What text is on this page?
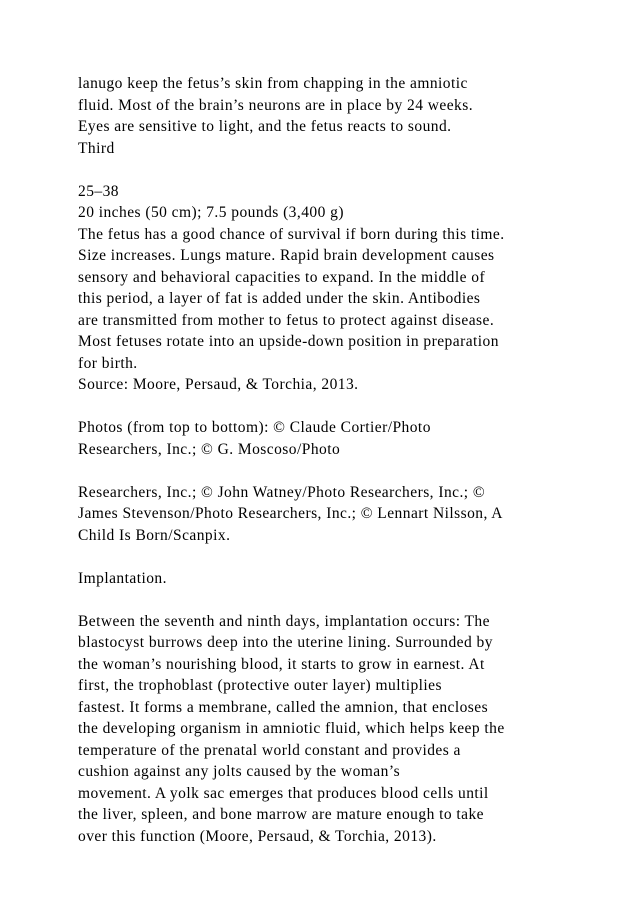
lanugo keep the fetus’s skin from chapping in the amniotic
fluid. Most of the brain’s neurons are in place by 24 weeks.
Eyes are sensitive to light, and the fetus reacts to sound.
Third
25–38
20 inches (50 cm); 7.5 pounds (3,400 g)
The fetus has a good chance of survival if born during this time.
Size increases. Lungs mature. Rapid brain development causes
sensory and behavioral capacities to expand. In the middle of
this period, a layer of fat is added under the skin. Antibodies
are transmitted from mother to fetus to protect against disease.
Most fetuses rotate into an upside-down position in preparation
for birth.
Source: Moore, Persaud, & Torchia, 2013.
Photos (from top to bottom): © Claude Cortier/Photo
Researchers, Inc.; © G. Moscoso/Photo
Researchers, Inc.; © John Watney/Photo Researchers, Inc.; ©
James Stevenson/Photo Researchers, Inc.; © Lennart Nilsson, A
Child Is Born/Scanpix.
Implantation.
Between the seventh and ninth days, implantation occurs: The
blastocyst burrows deep into the uterine lining. Surrounded by
the woman’s nourishing blood, it starts to grow in earnest. At
first, the trophoblast (protective outer layer) multiplies
fastest. It forms a membrane, called the amnion, that encloses
the developing organism in amniotic fluid, which helps keep the
temperature of the prenatal world constant and provides a
cushion against any jolts caused by the woman’s
movement. A yolk sac emerges that produces blood cells until
the liver, spleen, and bone marrow are mature enough to take
over this function (Moore, Persaud, & Torchia, 2013).
